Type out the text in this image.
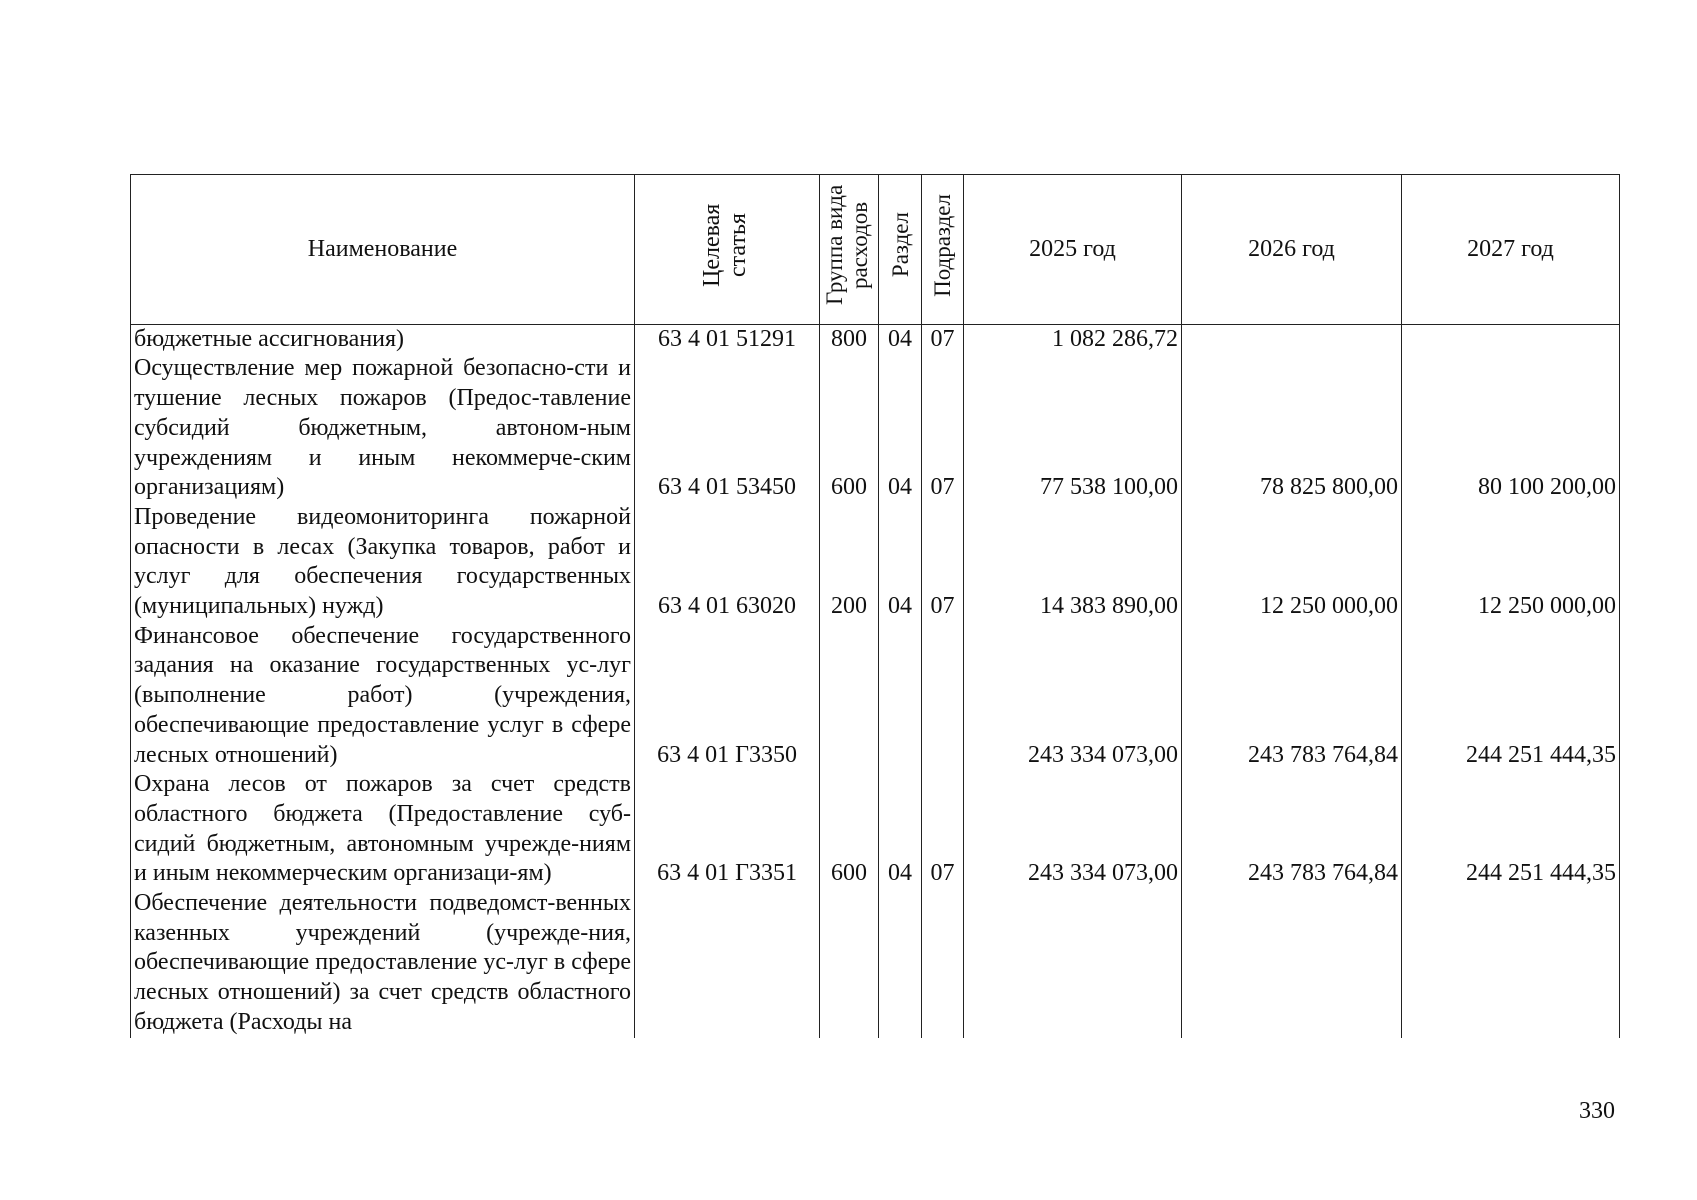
Наименование	Целевая статья	Группа вида расходов	Раздел	Подраздел	2025 год	2026 год	2027 год
бюджетные ассигнования)	63 4 01 51291	800	04	07	1 082 286,72		
Осуществление мер пожарной безопасно-сти и тушение лесных пожаров (Предос-тавление субсидий бюджетным, автоном-ным учреждениям и иным некоммерче-ским организациям)	63 4 01 53450	600	04	07	77 538 100,00	78 825 800,00	80 100 200,00
Проведение видеомониторинга пожарной опасности в лесах (Закупка товаров, работ и услуг для обеспечения государственных (муниципальных) нужд)	63 4 01 63020	200	04	07	14 383 890,00	12 250 000,00	12 250 000,00
Финансовое обеспечение государственного задания на оказание государственных ус-луг (выполнение работ) (учреждения, обеспечивающие предоставление услуг в сфере лесных отношений)	63 4 01 Г3350				243 334 073,00	243 783 764,84	244 251 444,35
Охрана лесов от пожаров за счет средств областного бюджета (Предоставление суб-сидий бюджетным, автономным учрежде-ниям и иным некоммерческим организаци-ям)	63 4 01 Г3351	600	04	07	243 334 073,00	243 783 764,84	244 251 444,35
Обеспечение деятельности подведомст-венных казенных учреждений (учрежде-ния, обеспечивающие предоставление ус-луг в сфере лесных отношений) за счет средств областного бюджета (Расходы на							
330
